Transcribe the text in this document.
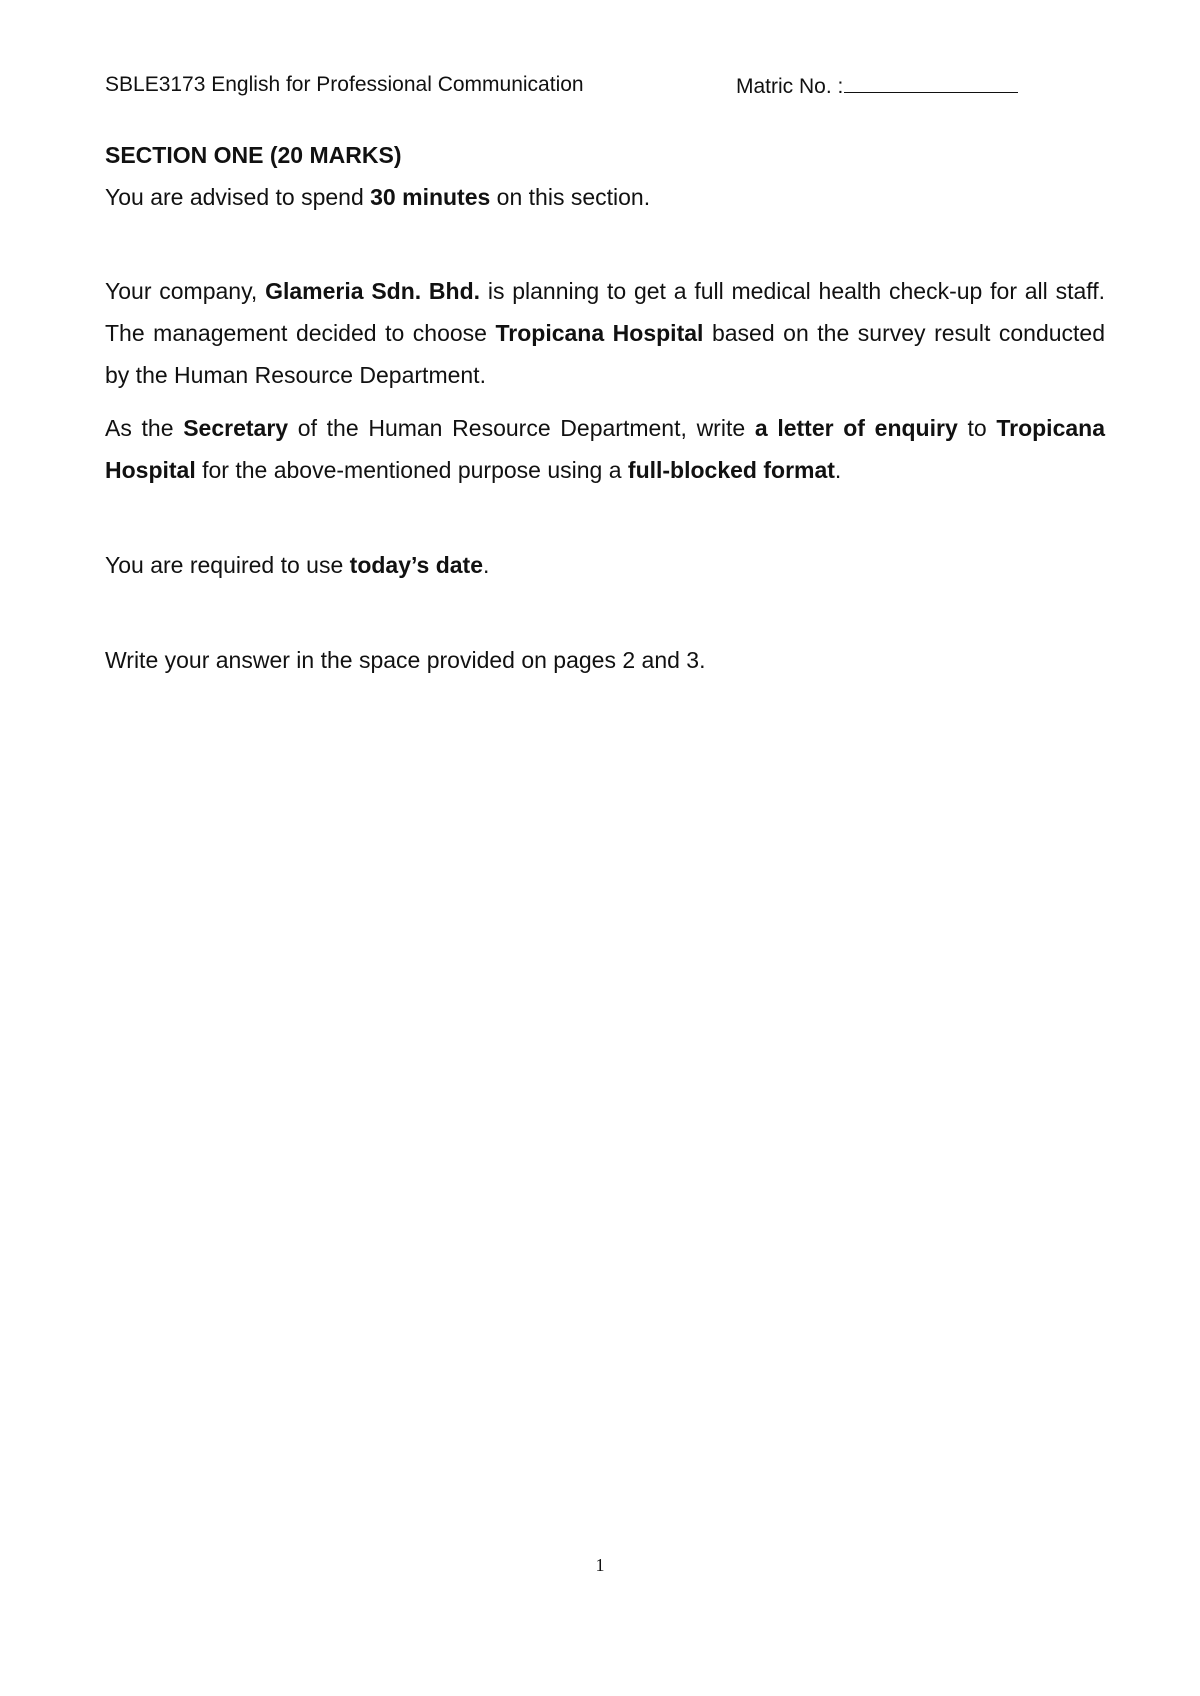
SBLE3173 English for Professional Communication	Matric No. :

SECTION ONE (20 MARKS)

You are advised to spend 30 minutes on this section.

Your company, Glameria Sdn. Bhd. is planning to get a full medical health check-up for all staff. The management decided to choose Tropicana Hospital based on the survey result conducted by the Human Resource Department.

As the Secretary of the Human Resource Department, write a letter of enquiry to Tropicana Hospital for the above-mentioned purpose using a full-blocked format.

You are required to use today’s date.

Write your answer in the space provided on pages 2 and 3.

1
